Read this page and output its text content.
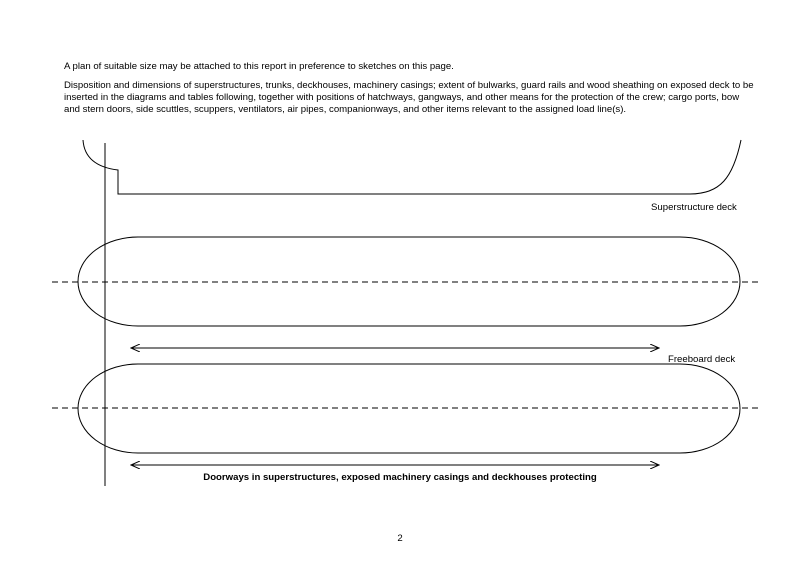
A plan of suitable size may be attached to this report in preference to sketches on this page.
Disposition and dimensions of superstructures, trunks, deckhouses, machinery casings; extent of bulwarks, guard rails and wood sheathing on exposed deck to be inserted in the diagrams and tables following, together with positions of hatchways, gangways, and other means for the protection of the crew; cargo ports, bow and stern doors, side scuttles, scuppers, ventilators, air pipes, companionways, and other items relevant to the assigned load line(s).
Superstructure deck
Freeboard deck
Doorways in superstructures, exposed machinery casings and deckhouses protecting
2
